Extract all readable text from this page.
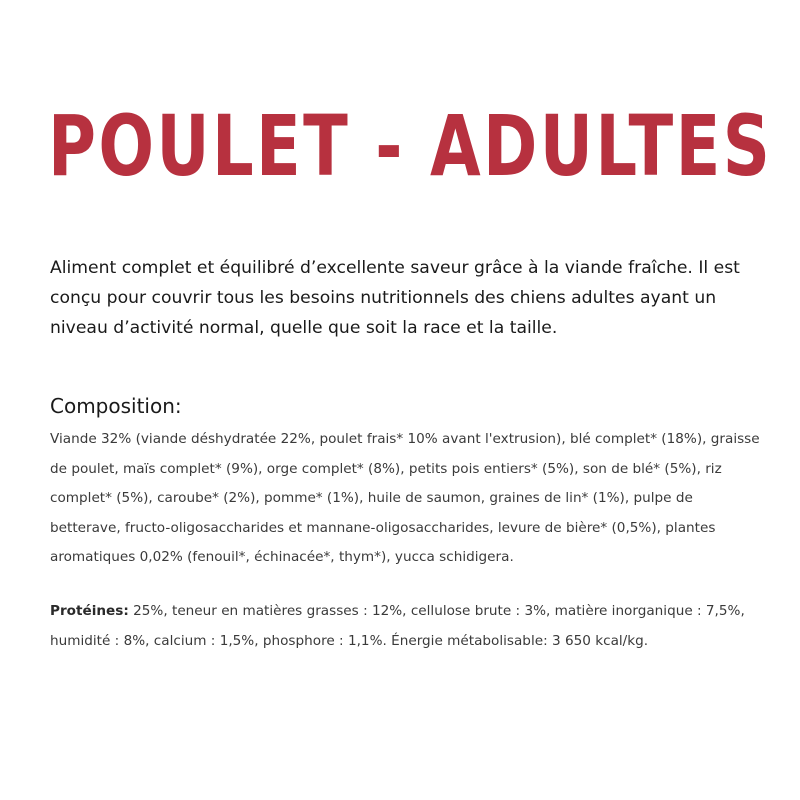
POULET - ADULTES

Aliment complet et équilibré d’excellente saveur grâce à la viande fraîche. Il est conçu pour couvrir tous les besoins nutritionnels des chiens adultes ayant un niveau d’activité normal, quelle que soit la race et la taille.

Composition:

Viande 32% (viande déshydratée 22%, poulet frais* 10% avant l'extrusion), blé complet* (18%), graisse de poulet, maïs complet* (9%), orge complet* (8%), petits pois entiers* (5%), son de blé* (5%), riz complet* (5%), caroube* (2%), pomme* (1%), huile de saumon, graines de lin* (1%), pulpe de betterave, fructo-oligosaccharides et mannane-oligosaccharides, levure de bière* (0,5%), plantes aromatiques 0,02% (fenouil*, échinacée*, thym*), yucca schidigera.

Protéines: 25%, teneur en matières grasses : 12%, cellulose brute : 3%, matière inorganique : 7,5%, humidité : 8%, calcium : 1,5%, phosphore : 1,1%. Énergie métabolisable: 3 650 kcal/kg.
